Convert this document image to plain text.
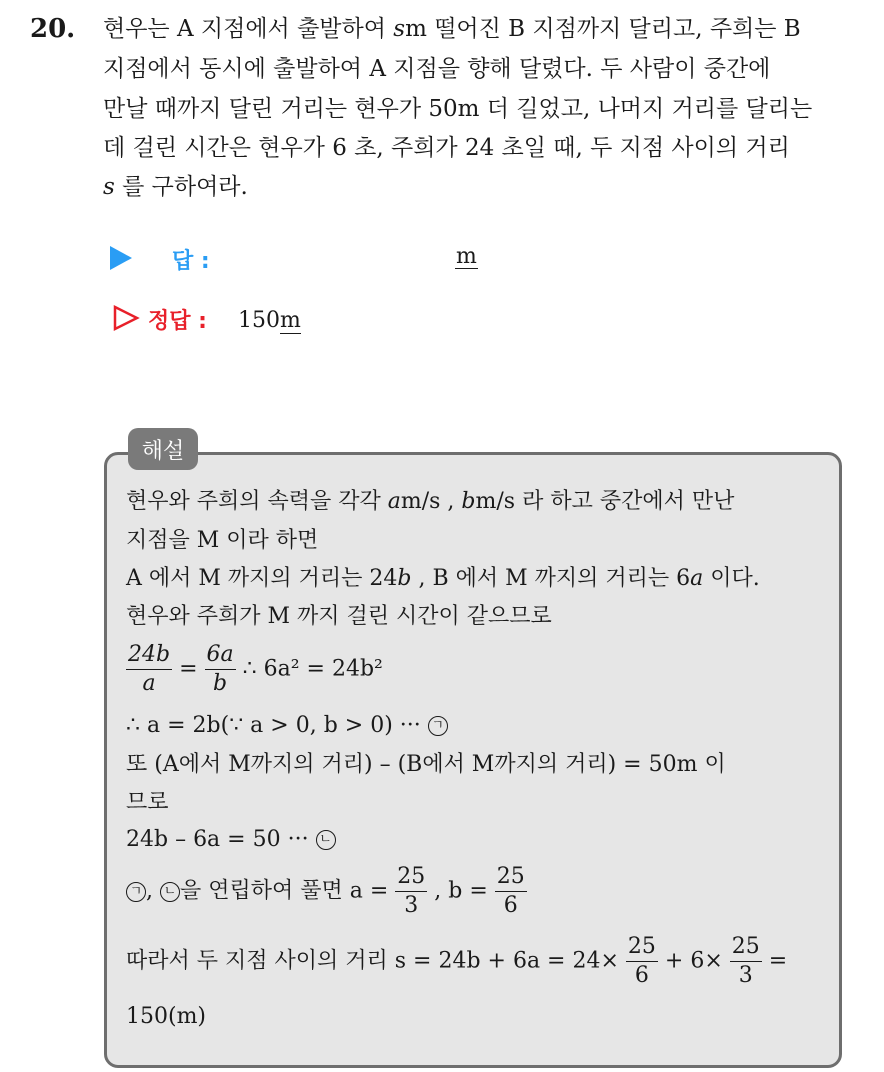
20. 현우는 A 지점에서 출발하여 sm 떨어진 B 지점까지 달리고, 주희는 B
지점에서 동시에 출발하여 A 지점을 향해 달렸다. 두 사람이 중간에
만날 때까지 달린 거리는 현우가 50m 더 길었고, 나머지 거리를 달리는
데 걸린 시간은 현우가 6 초, 주희가 24 초일 때, 두 지점 사이의 거리
s 를 구하여라.
답 :	m
정답 : 150m
해설
현우와 주희의 속력을 각각 am/s , bm/s 라 하고 중간에서 만난
지점을 M 이라 하면
A 에서 M 까지의 거리는 24b , B 에서 M 까지의 거리는 6a 이다.
현우와 주희가 M 까지 걸린 시간이 같으므로
$\frac{24b}{a} = \frac{6a}{b}$ ∴ 6a² = 24b²
∴ a = 2b(∵ a > 0, b > 0) ··· ㄱ
또 (A에서 M까지의 거리) – (B에서 M까지의 거리) = 50m 이
므로
24b – 6a = 50 ··· ㄴ
ㄱ , ㄴ 을 연립하여 풀면 $a = \frac{25}{3}$ , $b = \frac{25}{6}$
따라서 두 지점 사이의 거리 $s = 24b + 6a = 24\times \frac{25}{6} + 6\times \frac{25}{3}$ =
150(m)
